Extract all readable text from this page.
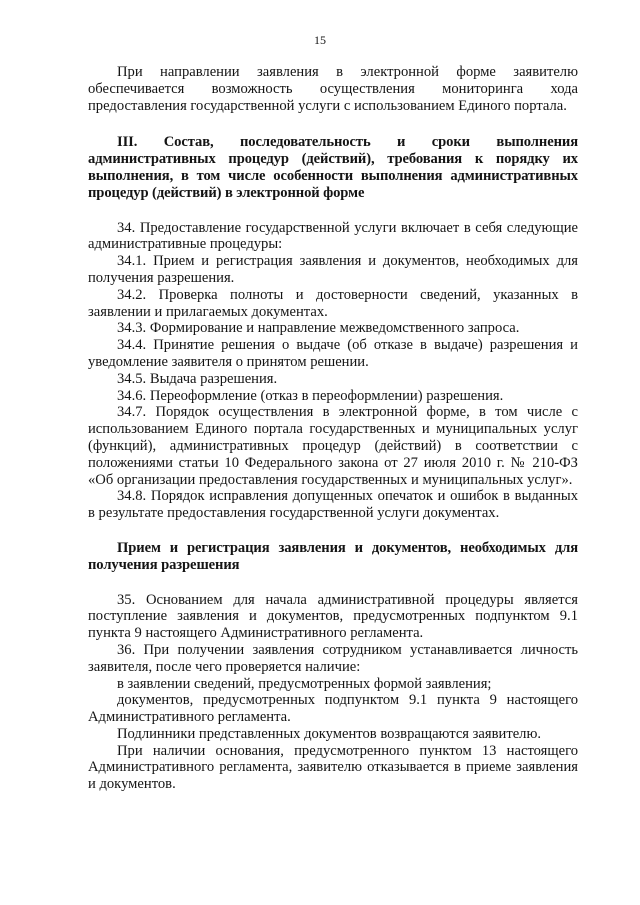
15

При направлении заявления в электронной форме заявителю обеспечивается возможность осуществления мониторинга хода предоставления государственной услуги с использованием Единого портала.

III. Состав, последовательность и сроки выполнения административных процедур (действий), требования к порядку их выполнения, в том числе особенности выполнения административных процедур (действий) в электронной форме

34. Предоставление государственной услуги включает в себя следующие административные процедуры:

34.1. Прием и регистрация заявления и документов, необходимых для получения разрешения.

34.2. Проверка полноты и достоверности сведений, указанных в заявлении и прилагаемых документах.

34.3. Формирование и направление межведомственного запроса.

34.4. Принятие решения о выдаче (об отказе в выдаче) разрешения и уведомление заявителя о принятом решении.

34.5. Выдача разрешения.

34.6. Переоформление (отказ в переоформлении) разрешения.

34.7. Порядок осуществления в электронной форме, в том числе с использованием Единого портала государственных и муниципальных услуг (функций), административных процедур (действий) в соответствии с положениями статьи 10 Федерального закона от 27 июля 2010 г. № 210-ФЗ «Об организации предоставления государственных и муниципальных услуг».

34.8. Порядок исправления допущенных опечаток и ошибок в выданных в результате предоставления государственной услуги документах.

Прием и регистрация заявления и документов, необходимых для получения разрешения

35. Основанием для начала административной процедуры является поступление заявления и документов, предусмотренных подпунктом 9.1 пункта 9 настоящего Административного регламента.

36. При получении заявления сотрудником устанавливается личность заявителя, после чего проверяется наличие:

в заявлении сведений, предусмотренных формой заявления;

документов, предусмотренных подпунктом 9.1 пункта 9 настоящего Административного регламента.

Подлинники представленных документов возвращаются заявителю.

При наличии основания, предусмотренного пунктом 13 настоящего Административного регламента, заявителю отказывается в приеме заявления и документов.
